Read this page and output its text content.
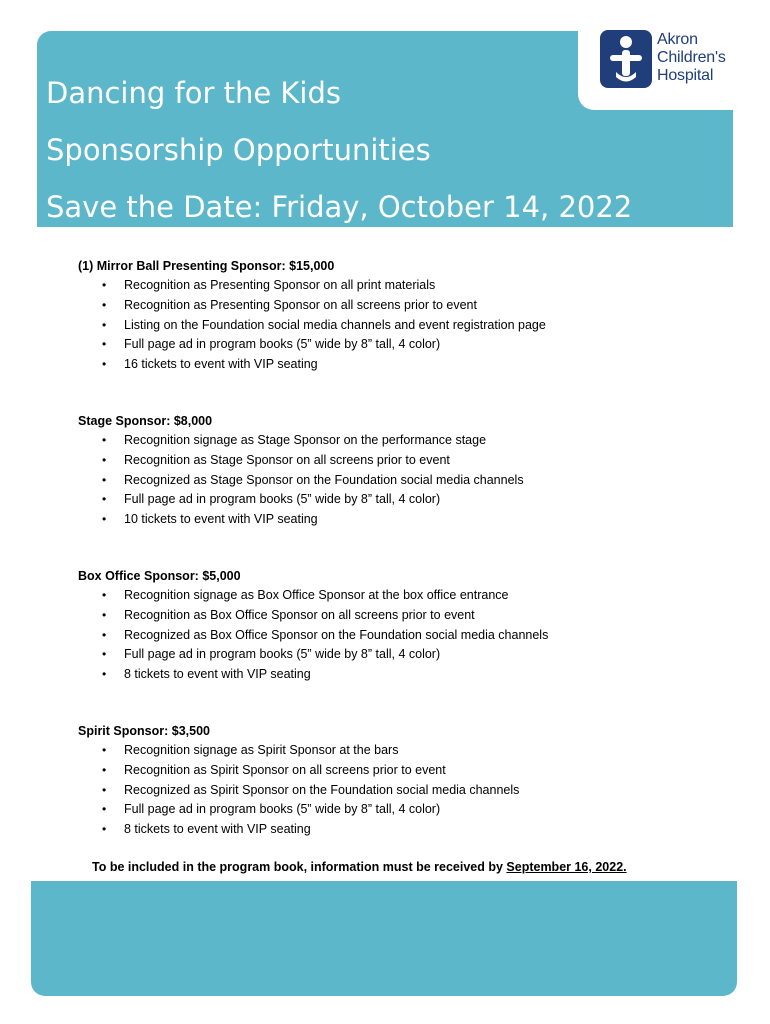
Akron
Children's
Hospital
Dancing for the Kids
Sponsorship Opportunities
Save the Date: Friday, October 14, 2022
(1) Mirror Ball Presenting Sponsor: $15,000
• Recognition as Presenting Sponsor on all print materials
• Recognition as Presenting Sponsor on all screens prior to event
• Listing on the Foundation social media channels and event registration page
• Full page ad in program books (5” wide by 8” tall, 4 color)
• 16 tickets to event with VIP seating
Stage Sponsor: $8,000
• Recognition signage as Stage Sponsor on the performance stage
• Recognition as Stage Sponsor on all screens prior to event
• Recognized as Stage Sponsor on the Foundation social media channels
• Full page ad in program books (5” wide by 8” tall, 4 color)
• 10 tickets to event with VIP seating
Box Office Sponsor: $5,000
• Recognition signage as Box Office Sponsor at the box office entrance
• Recognition as Box Office Sponsor on all screens prior to event
• Recognized as Box Office Sponsor on the Foundation social media channels
• Full page ad in program books (5” wide by 8” tall, 4 color)
• 8 tickets to event with VIP seating
Spirit Sponsor: $3,500
• Recognition signage as Spirit Sponsor at the bars
• Recognition as Spirit Sponsor on all screens prior to event
• Recognized as Spirit Sponsor on the Foundation social media channels
• Full page ad in program books (5” wide by 8” tall, 4 color)
• 8 tickets to event with VIP seating
To be included in the program book, information must be received by September 16, 2022.
